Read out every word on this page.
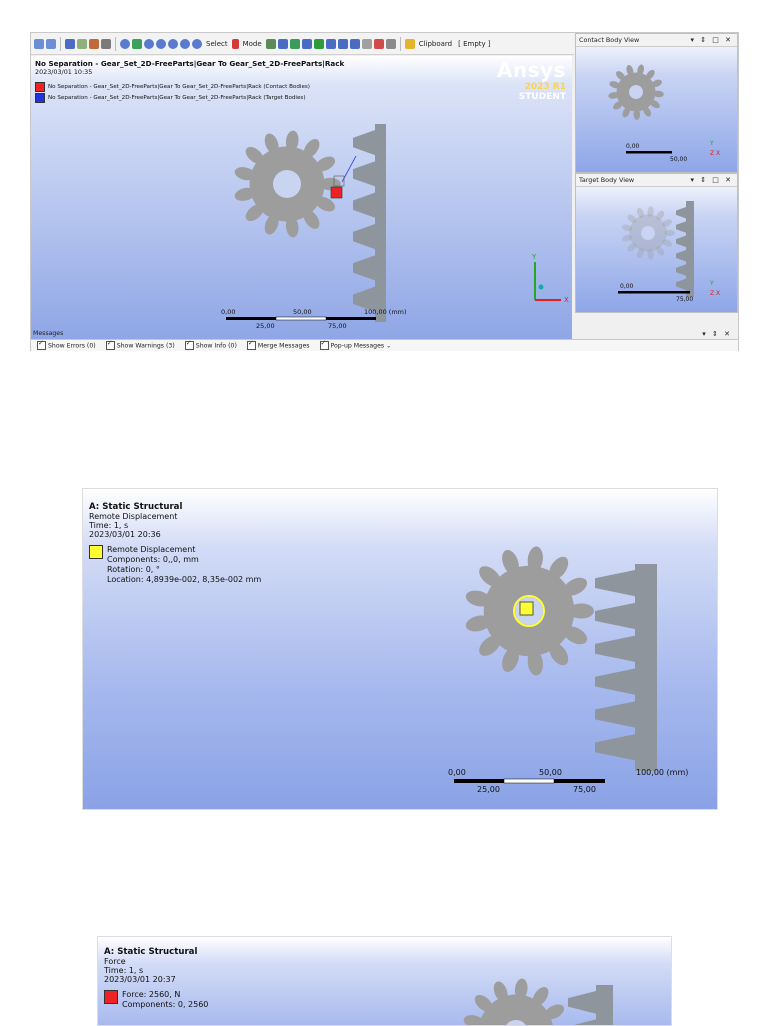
Select Mode	Clipboard [ Empty ]
No Separation - Gear_Set_2D-FreeParts|Gear To Gear_Set_2D-FreeParts|Rack
2023/03/01 10:35
No Separation - Gear_Set_2D-FreeParts|Gear To Gear_Set_2D-FreeParts|Rack (Contact Bodies)
No Separation - Gear_Set_2D-FreeParts|Gear To Gear_Set_2D-FreeParts|Rack (Target Bodies)
Ansys
2023 R1
STUDENT
0,00	50,00	100,00 (mm)
25,00	75,00
Y
X
Contact Body View	▾ ⇕ □ ✕
0,00
50,00
Y
Z X
Target Body View	▾ ⇕ □ ✕
0,00
75,00
Y
Z X
Messages	▾ ⇕ ✕
✓Show Errors (0) ✓	Show Warnings (3) ✓	Show Info (0) ✓	Merge Messages ✓	Pop-up Messages ⌄
A: Static Structural
Remote Displacement
Time: 1, s
2023/03/01 20:36
Remote Displacement
Components: 0,,0, mm
Rotation: 0, °
Location: 4,8939e-002, 8,35e-002 mm
0,00	50,00	100,00 (mm)
25,00	75,00
A: Static Structural
Force
Time: 1, s
2023/03/01 20:37
Force: 2560, N
Components: 0, 2560
